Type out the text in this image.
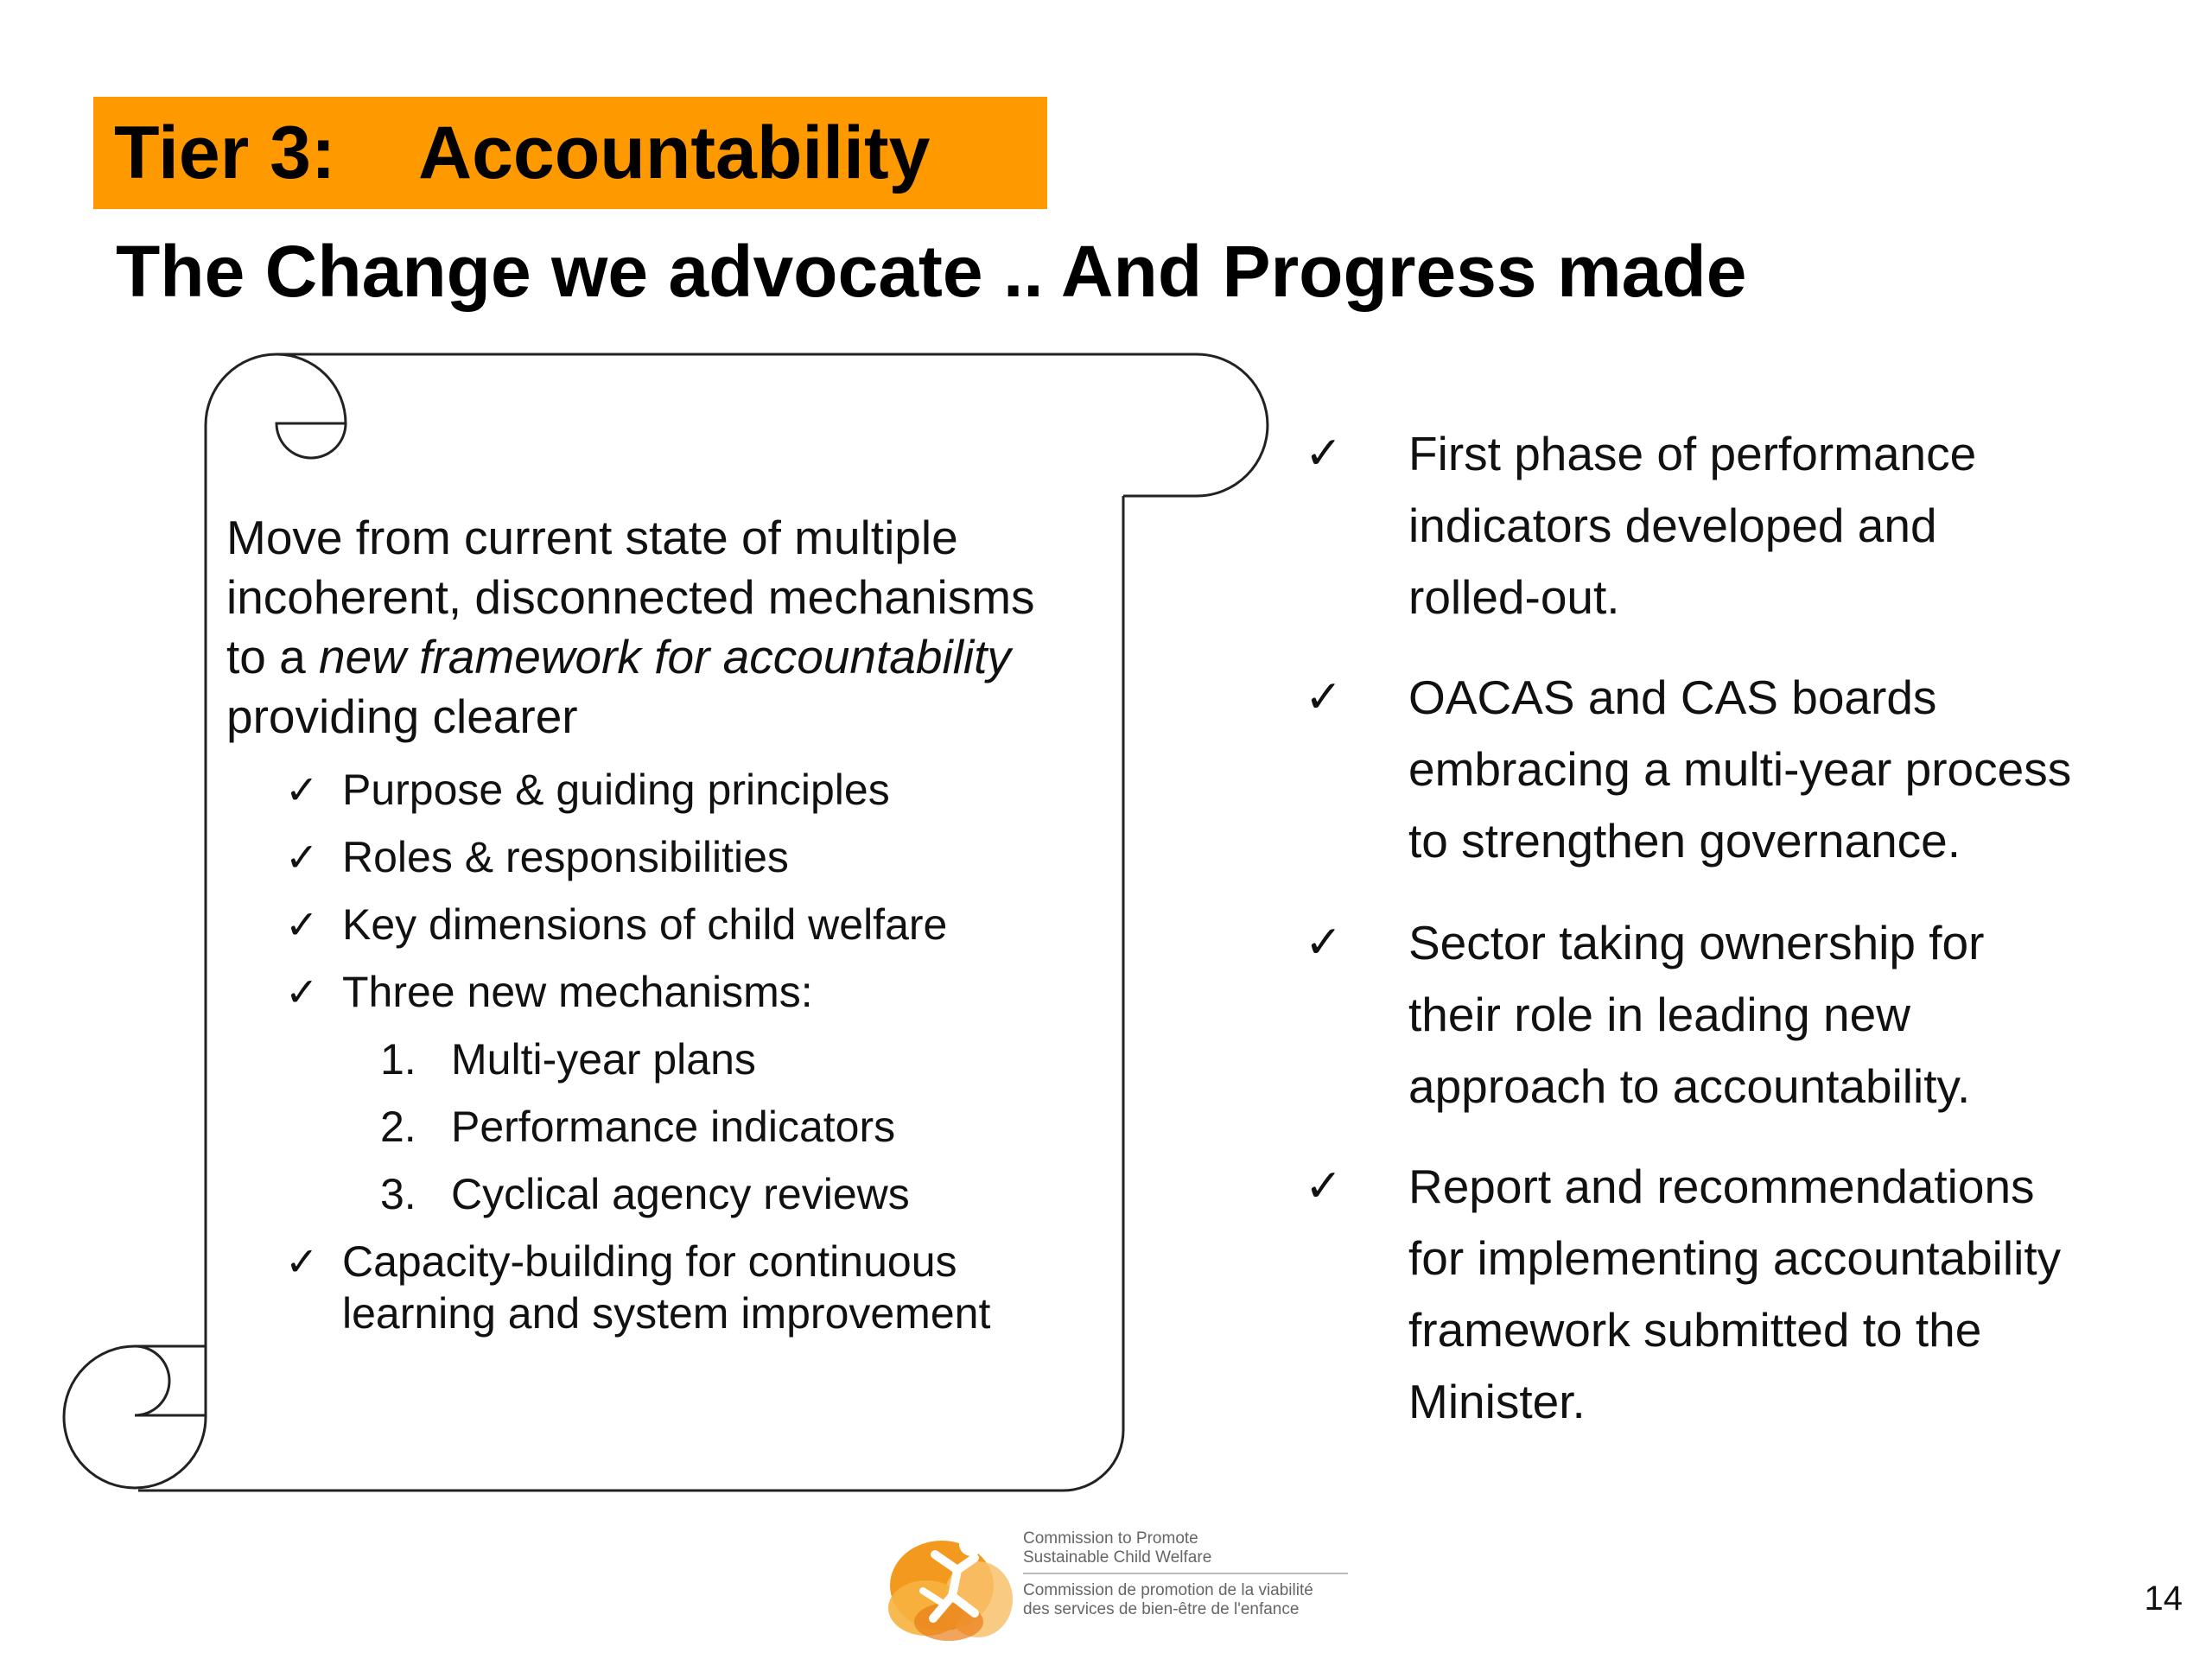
Tier 3: Accountability
The Change we advocate .. And Progress made

Move from current state of multiple

incoherent, disconnected mechanisms

to a new framework for accountability

providing clearer

✓ Purpose & guiding principles
✓ Roles & responsibilities
✓ Key dimensions of child welfare
✓ Three new mechanisms:
1. Multi-year plans
2. Performance indicators
3. Cyclical agency reviews
✓ Capacity-building for continuous
learning and system improvement
✓ First phase of performance
indicators developed and
rolled-out.
✓ OACAS and CAS boards
embracing a multi-year process
to strengthen governance.
✓ Sector taking ownership for
their role in leading new
approach to accountability.
✓ Report and recommendations
for implementing accountability
framework submitted to the
Minister.
Commission to Promote
Sustainable Child Welfare
Commission de promotion de la viabilité
des services de bien-être de l'enfance	14
